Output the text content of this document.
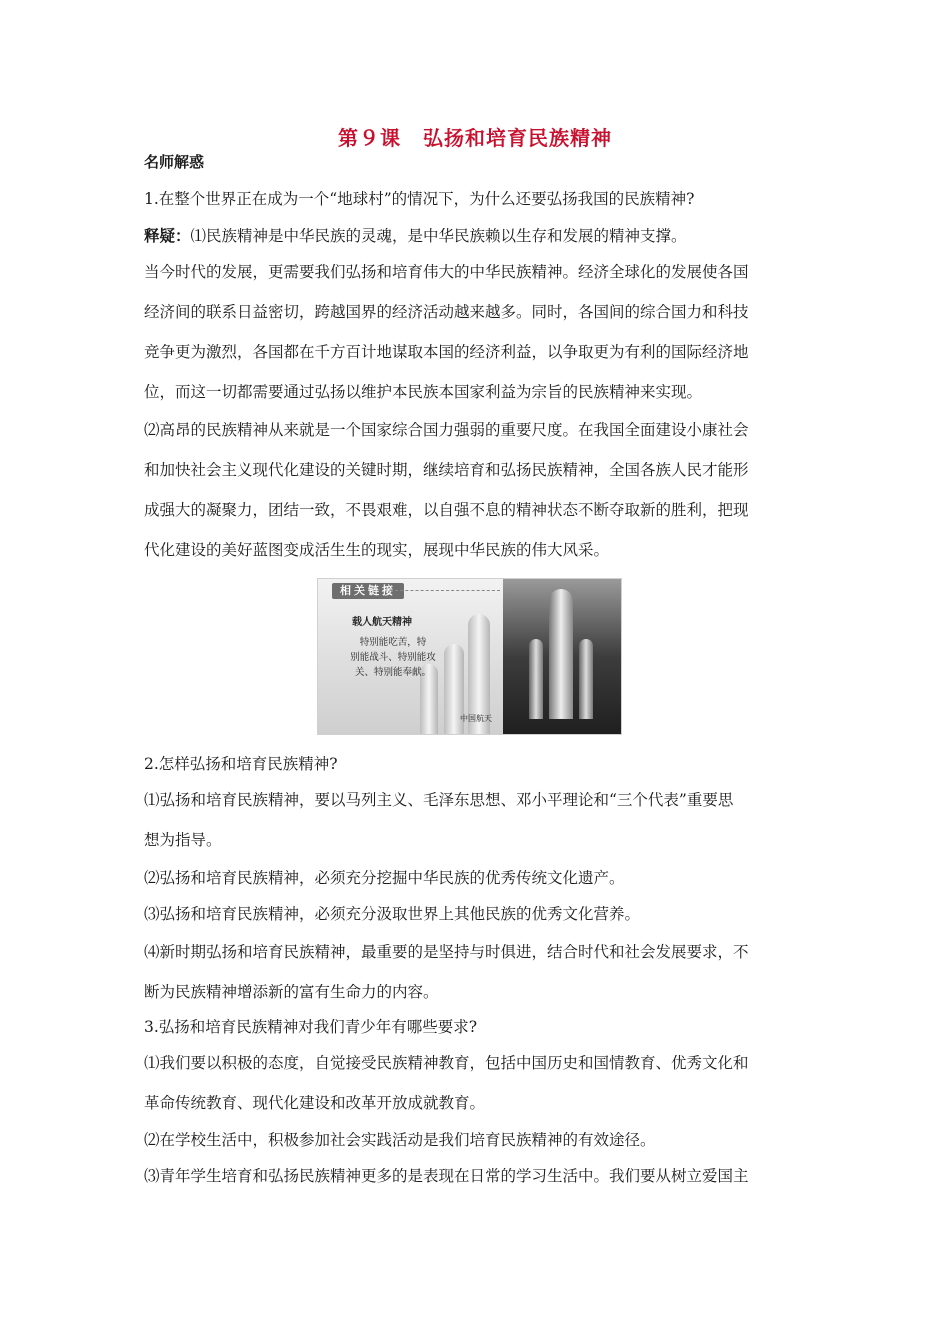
第９课 弘扬和培育民族精神
名师解惑
1.在整个世界正在成为一个“地球村”的情况下，为什么还要弘扬我国的民族精神?
释疑：⑴民族精神是中华民族的灵魂，是中华民族赖以生存和发展的精神支撑。
当今时代的发展，更需要我们弘扬和培育伟大的中华民族精神。经济全球化的发展使各国
经济间的联系日益密切，跨越国界的经济活动越来越多。同时，各国间的综合国力和科技
竞争更为激烈，各国都在千方百计地谋取本国的经济利益，以争取更为有利的国际经济地
位，而这一切都需要通过弘扬以维护本民族本国家利益为宗旨的民族精神来实现。
⑵高昂的民族精神从来就是一个国家综合国力强弱的重要尺度。在我国全面建设小康社会
和加快社会主义现代化建设的关键时期，继续培育和弘扬民族精神，全国各族人民才能形
成强大的凝聚力，团结一致，不畏艰难，以自强不息的精神状态不断夺取新的胜利，把现
代化建设的美好蓝图变成活生生的现实，展现中华民族的伟大风采。
相关链接
载人航天精神
特别能吃苦，特
别能战斗、特别能攻
关、特别能奉献。
中国航天
2.怎样弘扬和培育民族精神?
⑴弘扬和培育民族精神，要以马列主义、毛泽东思想、邓小平理论和“三个代表”重要思
想为指导。
⑵弘扬和培育民族精神，必须充分挖掘中华民族的优秀传统文化遗产。
⑶弘扬和培育民族精神，必须充分汲取世界上其他民族的优秀文化营养。
⑷新时期弘扬和培育民族精神，最重要的是坚持与时俱进，结合时代和社会发展要求，不
断为民族精神增添新的富有生命力的内容。
3.弘扬和培育民族精神对我们青少年有哪些要求?
⑴我们要以积极的态度，自觉接受民族精神教育，包括中国历史和国情教育、优秀文化和
革命传统教育、现代化建设和改革开放成就教育。
⑵在学校生活中，积极参加社会实践活动是我们培育民族精神的有效途径。
⑶青年学生培育和弘扬民族精神更多的是表现在日常的学习生活中。我们要从树立爱国主
